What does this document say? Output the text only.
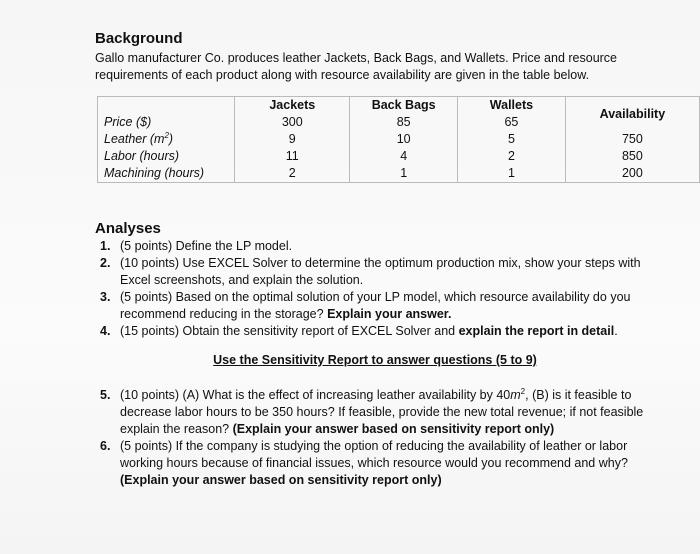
Background

Gallo manufacturer Co. produces leather Jackets, Back Bags, and Wallets. Price and resource requirements of each product along with resource availability are given in the table below.

	Jackets	Back Bags	Wallets	Availability
Price ($)	300	85	65	
Leather $(m^2)$	9	10	5	750
Labor (hours)	11	4	2	850
Machining (hours)	2	1	1	200

Analyses

1. (5 points) Define the LP model.
2. (10 points) Use EXCEL Solver to determine the optimum production mix, show your steps with Excel screenshots, and explain the solution.
3. (5 points) Based on the optimal solution of your LP model, which resource availability do you recommend reducing in the storage? Explain your answer.
4. (15 points) Obtain the sensitivity report of EXCEL Solver and explain the report in detail.
Use the Sensitivity Report to answer questions (5 to 9)
5. (10 points) (A) What is the effect of increasing leather availability by $40m^2$, (B) is it feasible to decrease labor hours to be 350 hours? If feasible, provide the new total revenue; if not feasible explain the reason? (Explain your answer based on sensitivity report only)
6. (5 points) If the company is studying the option of reducing the availability of leather or labor working hours because of financial issues, which resource would you recommend and why? (Explain your answer based on sensitivity report only)
